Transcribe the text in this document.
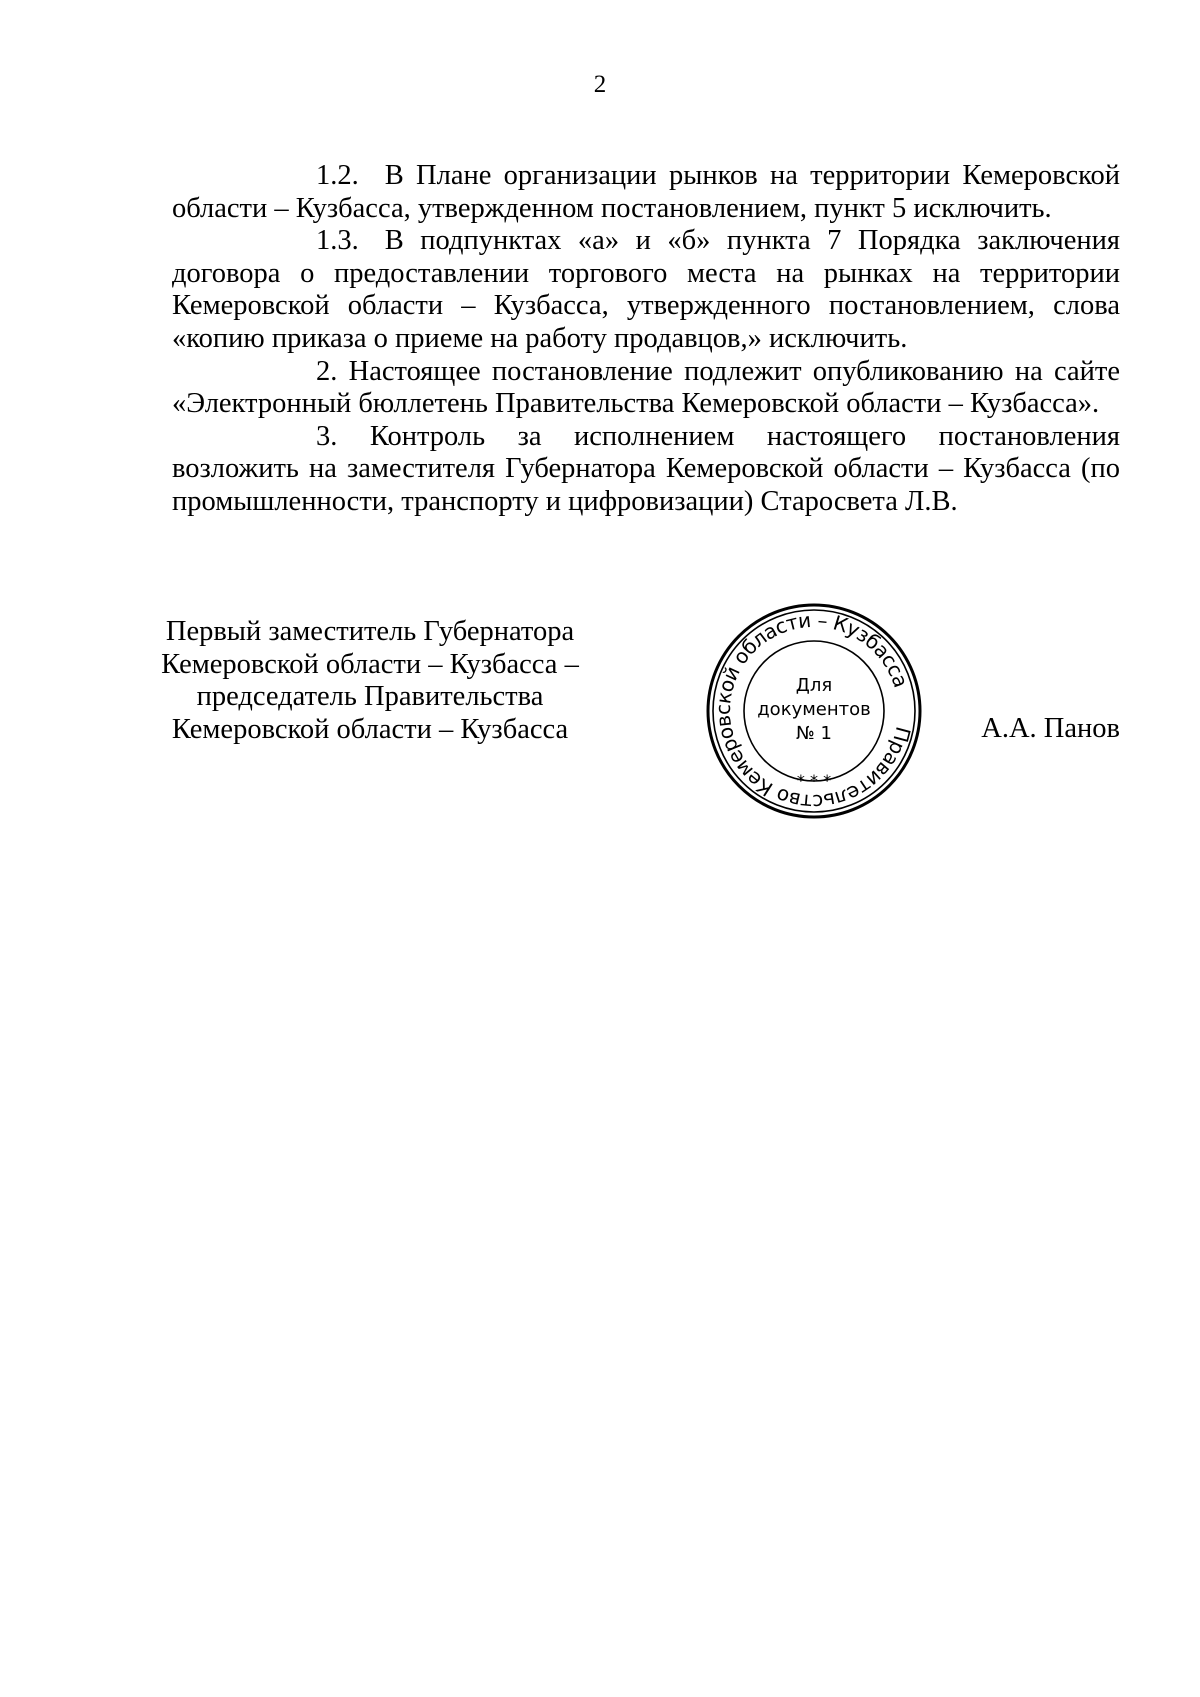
2

1.2. В Плане организации рынков на территории Кемеровской области – Кузбасса, утвержденном постановлением, пункт 5 исключить.

1.3. В подпунктах «а» и «б» пункта 7 Порядка заключения договора о предоставлении торгового места на рынках на территории Кемеровской области – Кузбасса, утвержденного постановлением, слова «копию приказа о приеме на работу продавцов,» исключить.

2. Настоящее постановление подлежит опубликованию на сайте «Электронный бюллетень Правительства Кемеровской области – Кузбасса».

3. Контроль за исполнением настоящего постановления возложить на заместителя Губернатора Кемеровской области – Кузбасса (по промышленности, транспорту и цифровизации) Старосвета Л.В.

Первый заместитель Губернатора
Кемеровской области – Кузбасса –
председатель Правительства
Кемеровской области – Кузбасса	Правительство Кемеровской области – Кузбасса
* * *
Для
документов
№ 1	А.А. Панов
